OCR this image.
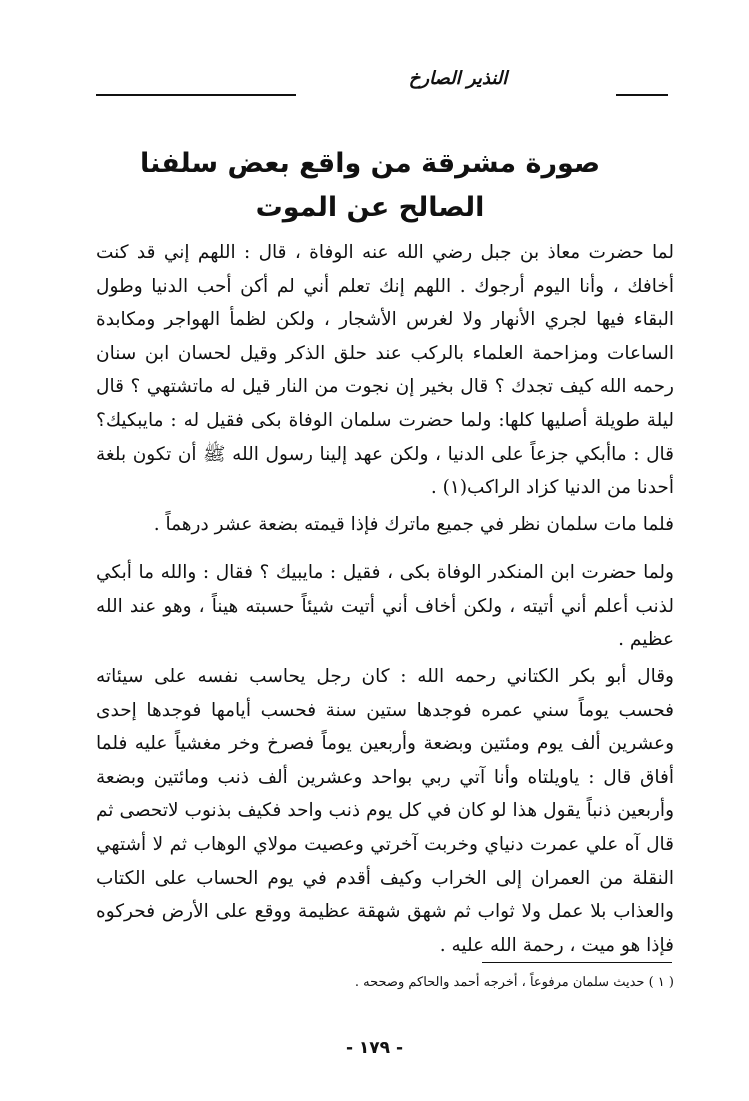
النذير الصارخ
صورة مشرقة من واقع بعض سلفنا
الصالح عن الموت

لما حضرت معاذ بن جبل رضي الله عنه الوفاة ، قال : اللهم إني قد كنت أخافك ، وأنا اليوم أرجوك . اللهم إنك تعلم أني لم أكن أحب الدنيا وطول البقاء فيها لجري الأنهار ولا لغرس الأشجار ، ولكن لظمأ الهواجر ومكابدة الساعات ومزاحمة العلماء بالركب عند حلق الذكر وقيل لحسان ابن سنان رحمه الله كيف تجدك ؟ قال بخير إن نجوت من النار قيل له ماتشتهي ؟ قال ليلة طويلة أصليها كلها: ولما حضرت سلمان الوفاة بكى فقيل له : مايبكيك؟ قال : ماأبكي جزعاً على الدنيا ، ولكن عهد إلينا رسول الله ﷺ أن تكون بلغة أحدنا من الدنيا كزاد الراكب(١) .

فلما مات سلمان نظر في جميع ماترك فإذا قيمته بضعة عشر درهماً .

ولما حضرت ابن المنكدر الوفاة بكى ، فقيل : مايبيك ؟ فقال : والله ما أبكي لذنب أعلم أني أتيته ، ولكن أخاف أني أتيت شيئاً حسبته هيناً ، وهو عند الله عظيم .

وقال أبو بكر الكتاني رحمه الله : كان رجل يحاسب نفسه على سيئاته فحسب يوماً سني عمره فوجدها ستين سنة فحسب أيامها فوجدها إحدى وعشرين ألف يوم ومئتين وبضعة وأربعين يوماً فصرخ وخر مغشياً عليه فلما أفاق قال : ياويلتاه وأنا آتي ربي بواحد وعشرين ألف ذنب ومائتين وبضعة وأربعين ذنباً يقول هذا لو كان في كل يوم ذنب واحد فكيف بذنوب لاتحصى ثم قال آه علي عمرت دنياي وخربت آخرتي وعصيت مولاي الوهاب ثم لا أشتهي النقلة من العمران إلى الخراب وكيف أقدم في يوم الحساب على الكتاب والعذاب بلا عمل ولا ثواب ثم شهق شهقة عظيمة ووقع على الأرض فحركوه فإذا هو ميت ، رحمة الله عليه .

( ١ ) حديث سلمان مرفوعاً ، أخرجه أحمد والحاكم وصححه .
- ١٧٩ -
